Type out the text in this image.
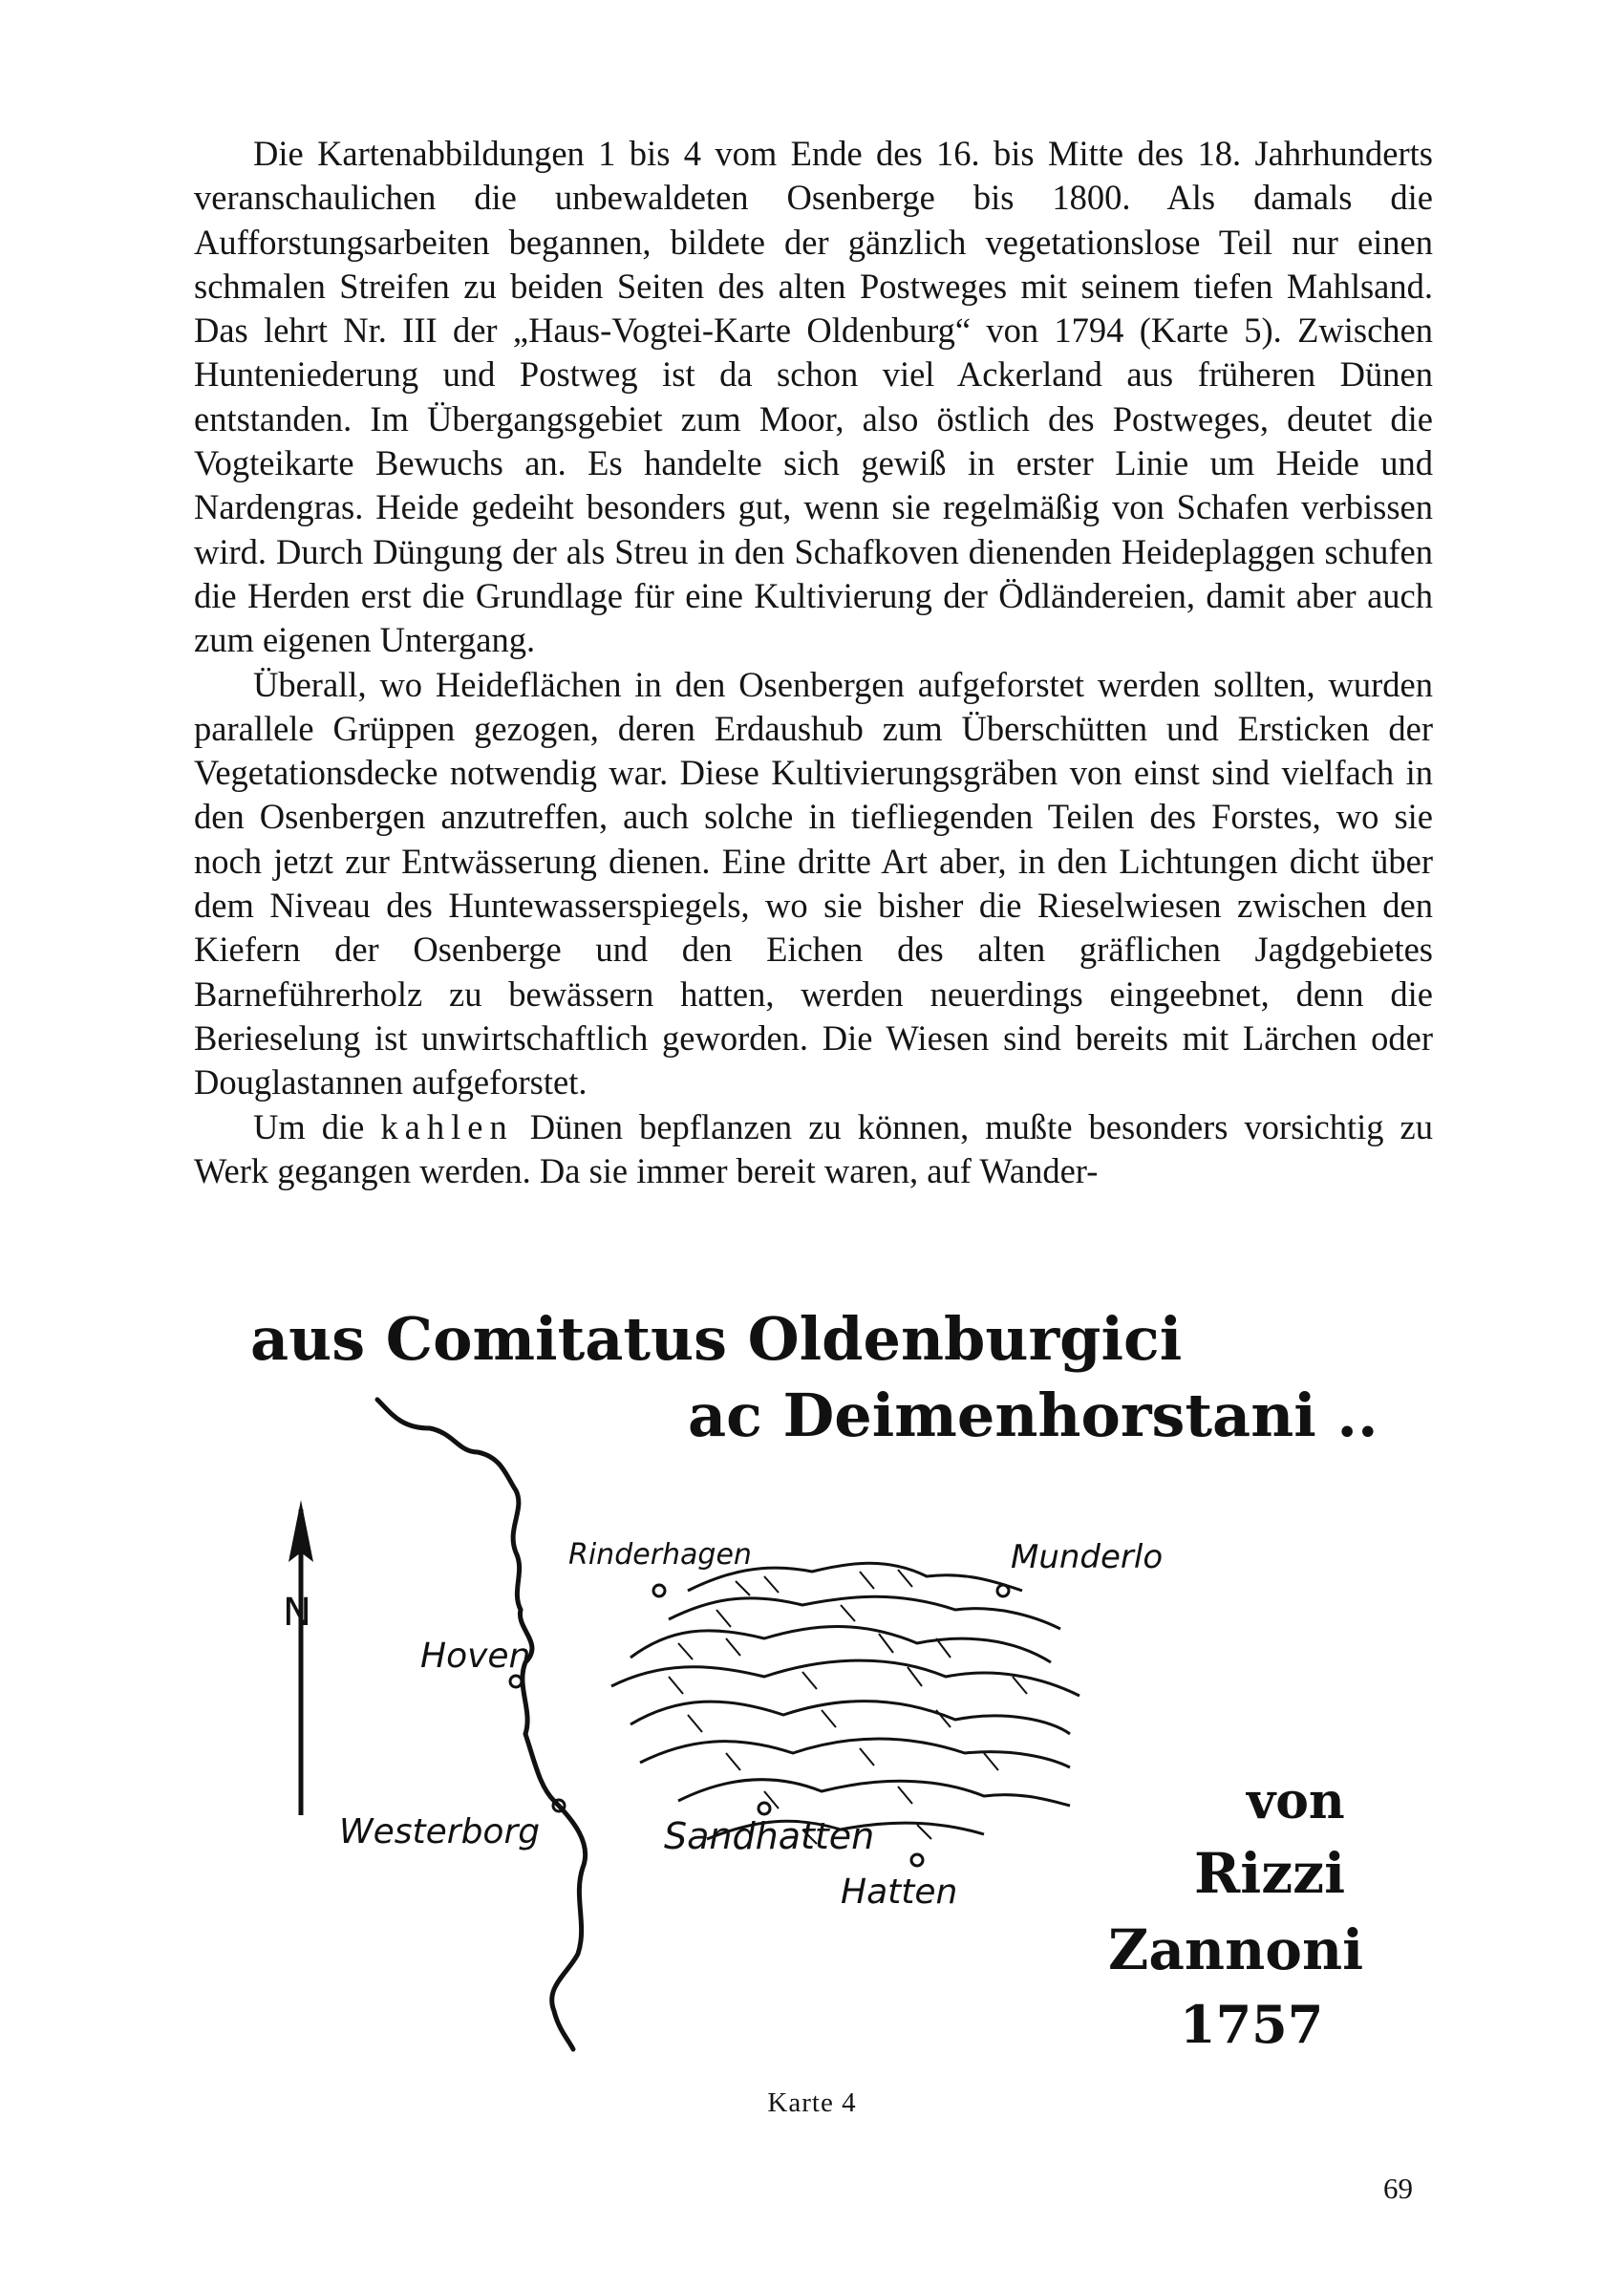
Die Kartenabbildungen 1 bis 4 vom Ende des 16. bis Mitte des 18. Jahrhunderts veranschaulichen die unbewaldeten Osenberge bis 1800. Als damals die Aufforstungsarbeiten begannen, bildete der gänzlich vegetationslose Teil nur einen schmalen Streifen zu beiden Seiten des alten Postweges mit seinem tiefen Mahlsand. Das lehrt Nr. III der „Haus-Vogtei-Karte Oldenburg“ von 1794 (Karte 5). Zwischen Hunteniederung und Postweg ist da schon viel Ackerland aus früheren Dünen entstanden. Im Übergangsgebiet zum Moor, also östlich des Postweges, deutet die Vogteikarte Bewuchs an. Es handelte sich gewiß in erster Linie um Heide und Nardengras. Heide gedeiht besonders gut, wenn sie regelmäßig von Schafen verbissen wird. Durch Düngung der als Streu in den Schafkoven dienenden Heideplaggen schufen die Herden erst die Grundlage für eine Kultivierung der Ödländereien, damit aber auch zum eigenen Untergang.

Überall, wo Heideflächen in den Osenbergen aufgeforstet werden sollten, wurden parallele Grüppen gezogen, deren Erdaushub zum Überschütten und Ersticken der Vegetationsdecke notwendig war. Diese Kultivierungsgräben von einst sind vielfach in den Osenbergen anzutreffen, auch solche in tiefliegenden Teilen des Forstes, wo sie noch jetzt zur Entwässerung dienen. Eine dritte Art aber, in den Lichtungen dicht über dem Niveau des Huntewasserspiegels, wo sie bisher die Rieselwiesen zwischen den Kiefern der Osenberge und den Eichen des alten gräflichen Jagdgebietes Barneführerholz zu bewässern hatten, werden neuerdings eingeebnet, denn die Berieselung ist unwirtschaftlich geworden. Die Wiesen sind bereits mit Lärchen oder Douglastannen aufgeforstet.

Um die kahlen Dünen bepflanzen zu können, mußte besonders vorsichtig zu Werk gegangen werden. Da sie immer bereit waren, auf Wander-

aus Comitatus Oldenburgici
ac Deimenhorstani ..
N
Rinderhagen	Munderlo
Hoven
Westerborg	Sandhatten
Hatten
von
Rizzi
Zannoni
1757
Karte 4
69
